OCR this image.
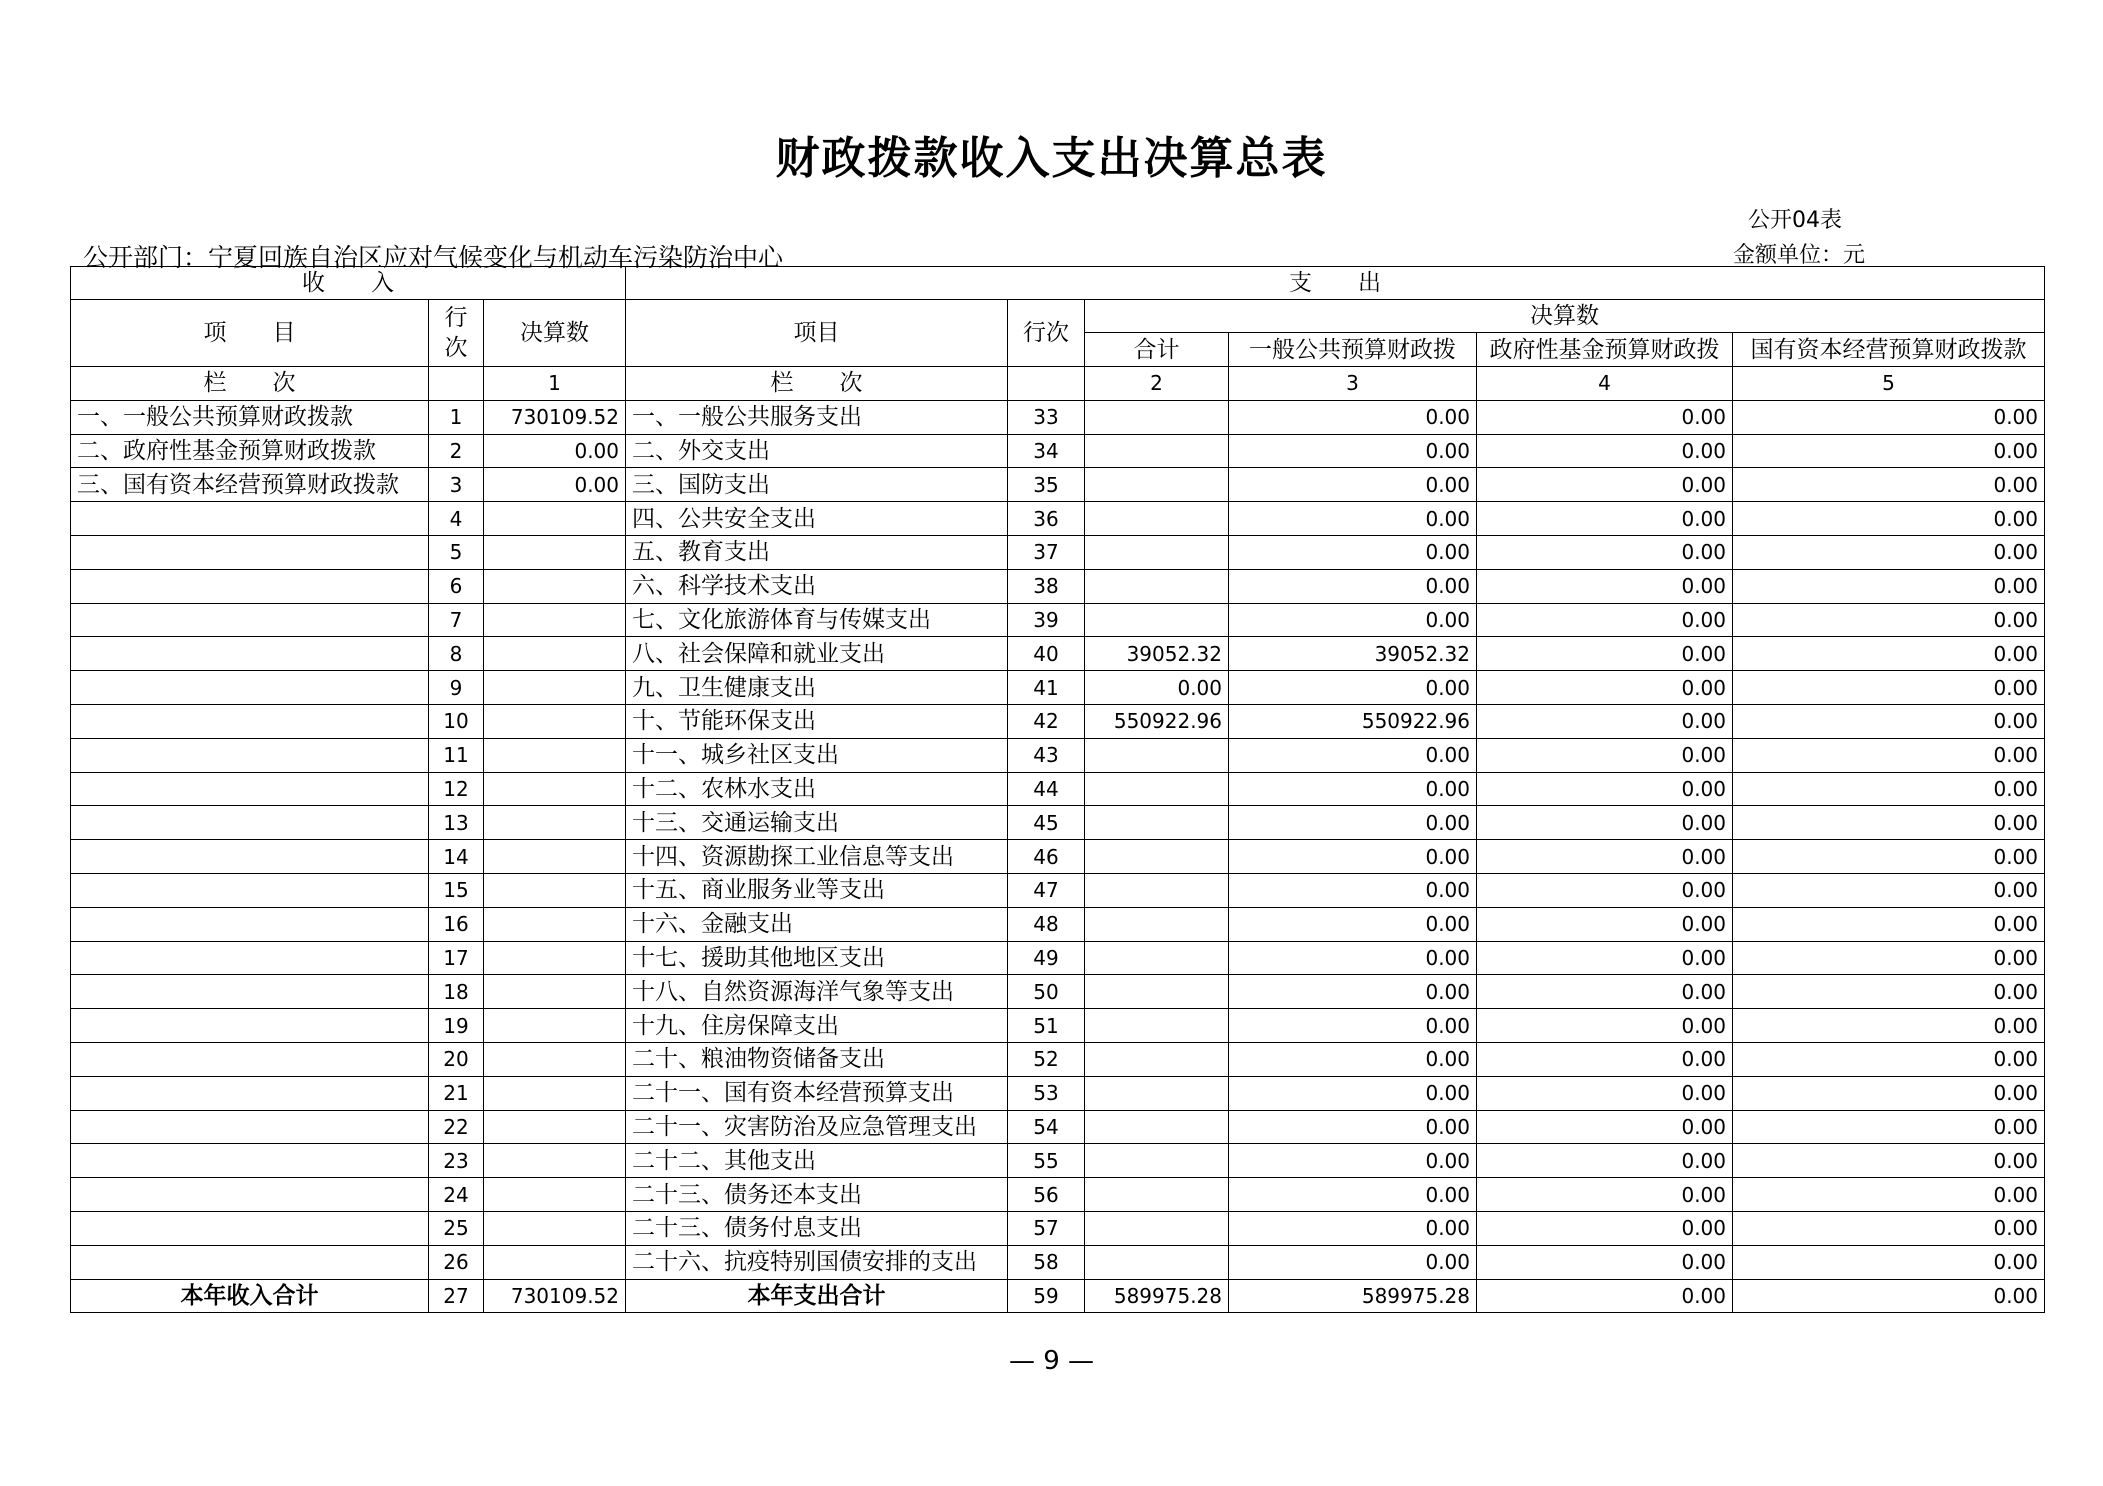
财政拨款收入支出决算总表
公开04表
公开部门：宁夏回族自治区应对气候变化与机动车污染防治中心	金额单位：元
收　　入			支　　出					
项　　目	行次	决算数	项目	行次	决算数			
					合计	一般公共预算财政拨	政府性基金预算财政拨	国有资本经营预算财政拨款
栏　　次		1	栏　　次		2	3	4	5
一、一般公共预算财政拨款	1	730109.52	一、一般公共服务支出	33		0.00	0.00	0.00
二、政府性基金预算财政拨款	2	0.00	二、外交支出	34		0.00	0.00	0.00
三、国有资本经营预算财政拨款	3	0.00	三、国防支出	35		0.00	0.00	0.00
	4		四、公共安全支出	36		0.00	0.00	0.00
	5		五、教育支出	37		0.00	0.00	0.00
	6		六、科学技术支出	38		0.00	0.00	0.00
	7		七、文化旅游体育与传媒支出	39		0.00	0.00	0.00
	8		八、社会保障和就业支出	40	39052.32	39052.32	0.00	0.00
	9		九、卫生健康支出	41	0.00	0.00	0.00	0.00
	10		十、节能环保支出	42	550922.96	550922.96	0.00	0.00
	11		十一、城乡社区支出	43		0.00	0.00	0.00
	12		十二、农林水支出	44		0.00	0.00	0.00
	13		十三、交通运输支出	45		0.00	0.00	0.00
	14		十四、资源勘探工业信息等支出	46		0.00	0.00	0.00
	15		十五、商业服务业等支出	47		0.00	0.00	0.00
	16		十六、金融支出	48		0.00	0.00	0.00
	17		十七、援助其他地区支出	49		0.00	0.00	0.00
	18		十八、自然资源海洋气象等支出	50		0.00	0.00	0.00
	19		十九、住房保障支出	51		0.00	0.00	0.00
	20		二十、粮油物资储备支出	52		0.00	0.00	0.00
	21		二十一、国有资本经营预算支出	53		0.00	0.00	0.00
	22		二十一、灾害防治及应急管理支出	54		0.00	0.00	0.00
	23		二十二、其他支出	55		0.00	0.00	0.00
	24		二十三、债务还本支出	56		0.00	0.00	0.00
	25		二十三、债务付息支出	57		0.00	0.00	0.00
	26		二十六、抗疫特别国债安排的支出	58		0.00	0.00	0.00
本年收入合计	27	730109.52	本年支出合计	59	589975.28	589975.28	0.00	0.00
— 9 —
